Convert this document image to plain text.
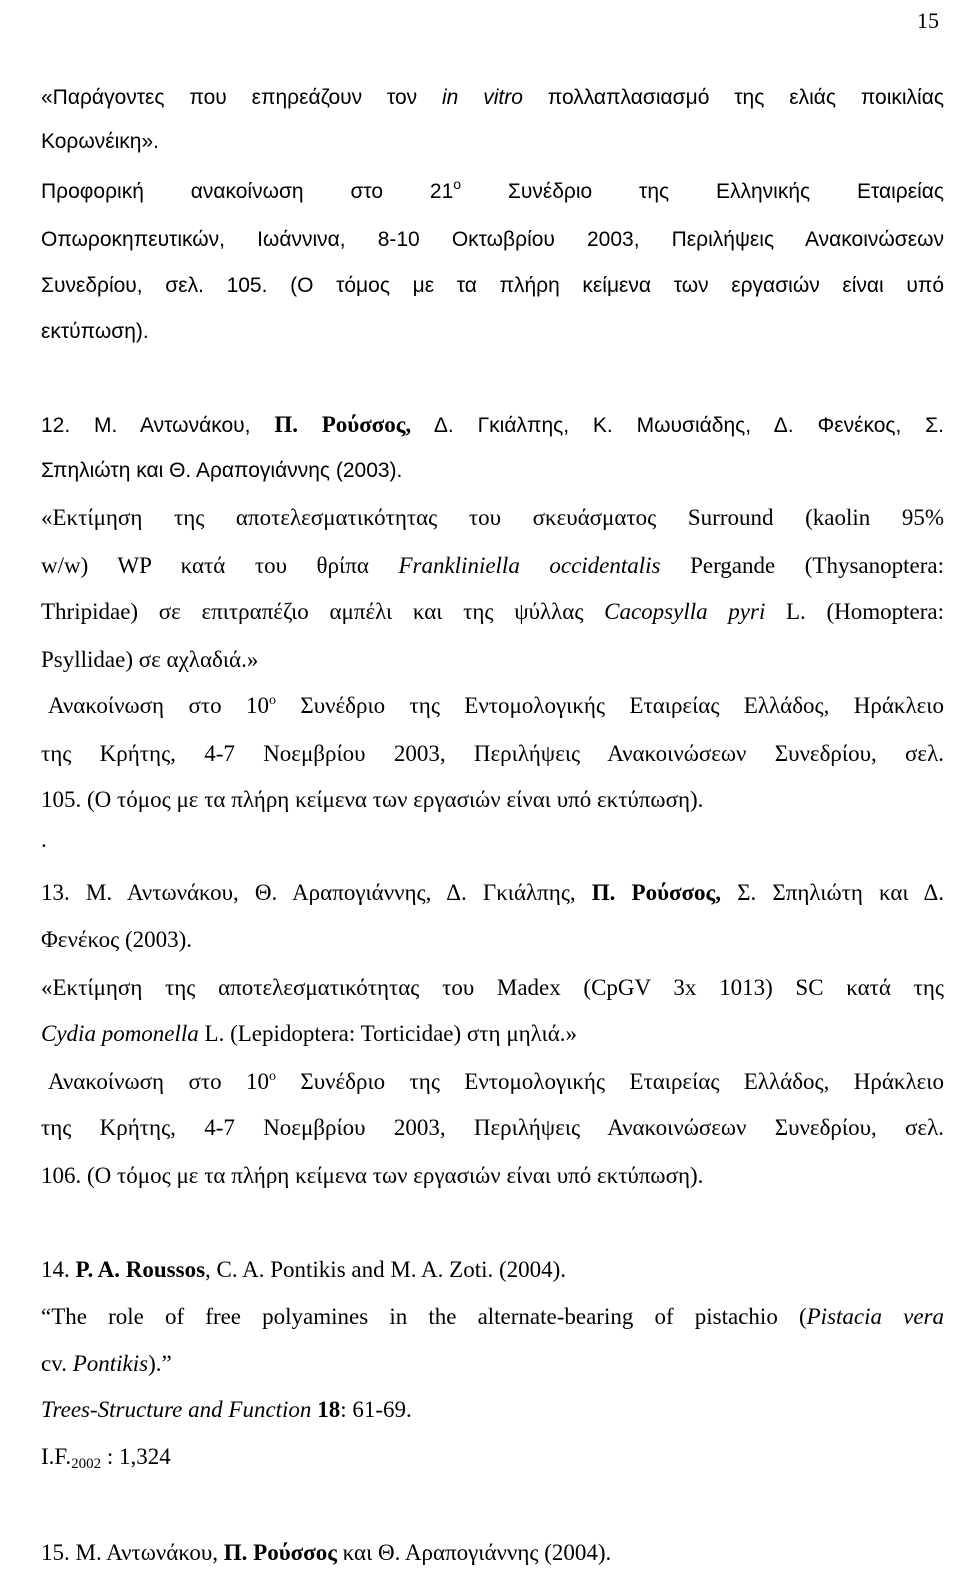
15
«Παράγοντες που επηρεάζουν τον in vitro πολλαπλασιασμό της ελιάς ποικιλίας
Κορωνέικη».
Προφορική ανακοίνωση στο $21^o$ Συνέδριο της Ελληνικής Εταιρείας
Οπωροκηπευτικών, Ιωάννινα, 8-10 Οκτωβρίου 2003, Περιλήψεις Ανακοινώσεων
Συνεδρίου, σελ. 105. (Ο τόμος με τα πλήρη κείμενα των εργασιών είναι υπό
εκτύπωση).
12. Μ. Αντωνάκου, Π. Ρούσσος, Δ. Γκιάλπης, Κ. Μωυσιάδης, Δ. Φενέκος, Σ.
Σπηλιώτη και Θ. Αραπογιάννης (2003).
«Εκτίμηση της αποτελεσματικότητας του σκευάσματος Surround (kaolin 95%
w/w) WP κατά του θρίπα Frankliniella occidentalis Pergande (Thysanoptera:
Thripidae) σε επιτραπέζιο αμπέλι και της ψύλλας Cacopsylla pyri L. (Homoptera:
Psyllidae) σε αχλαδιά.»
Ανακοίνωση στο $10^o$ Συνέδριο της Εντομολογικής Εταιρείας Ελλάδος, Ηράκλειο
της Κρήτης, 4-7 Νοεμβρίου 2003, Περιλήψεις Ανακοινώσεων Συνεδρίου, σελ.
105. (Ο τόμος με τα πλήρη κείμενα των εργασιών είναι υπό εκτύπωση).
.
13. Μ. Αντωνάκου, Θ. Αραπογιάννης, Δ. Γκιάλπης, Π. Ρούσσος, Σ. Σπηλιώτη και Δ.
Φενέκος (2003).
«Εκτίμηση της αποτελεσματικότητας του Madex (CpGV 3x 1013) SC κατά της
Cydia pomonella L. (Lepidoptera: Torticidae) στη μηλιά.»
Ανακοίνωση στο $10^o$ Συνέδριο της Εντομολογικής Εταιρείας Ελλάδος, Ηράκλειο
της Κρήτης, 4-7 Νοεμβρίου 2003, Περιλήψεις Ανακοινώσεων Συνεδρίου, σελ.
106. (Ο τόμος με τα πλήρη κείμενα των εργασιών είναι υπό εκτύπωση).
14. P. A. Roussos, C. A. Pontikis and M. A. Zoti. (2004).
“The role of free polyamines in the alternate-bearing of pistachio (Pistacia vera
cv. Pontikis).”
Trees-Structure and Function 18: 61-69.
$I.F._{2002}$ : 1,324
15. Μ. Αντωνάκου, Π. Ρούσσος και Θ. Αραπογιάννης (2004).
